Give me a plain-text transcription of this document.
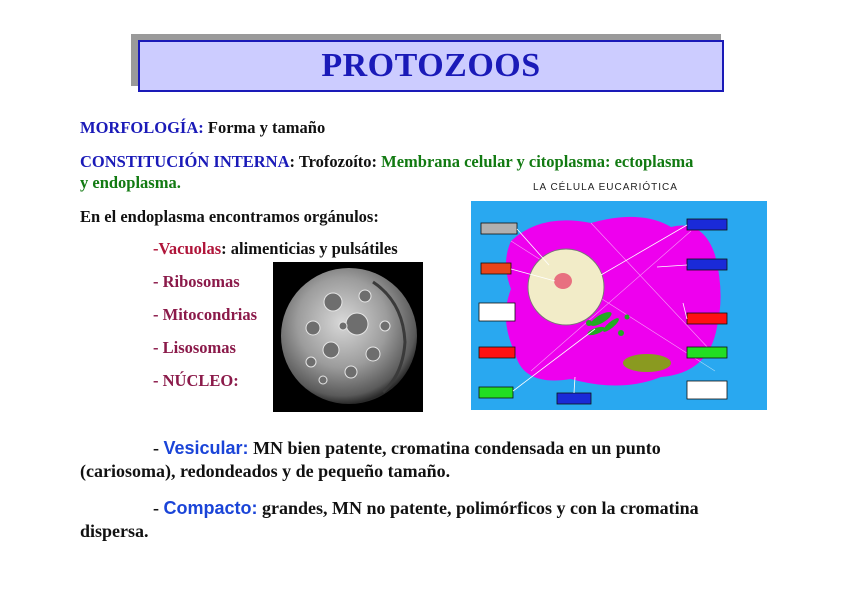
PROTOZOOS
MORFOLOGÍA: Forma y tamaño
CONSTITUCIÓN INTERNA: Trofozoíto: Membrana celular y citoplasma: ectoplasma
y endoplasma.
En el endoplasma encontramos orgánulos:
-Vacuolas: alimenticias y pulsátiles
- Ribosomas
- Mitocondrias
- Lisosomas
- NÚCLEO:
LA CÉLULA EUCARIÓTICA
- Vesicular: MN bien patente, cromatina condensada en un punto
(cariosoma), redondeados y de pequeño tamaño.
- Compacto: grandes, MN no patente, polimórficos y con la cromatina
dispersa.
